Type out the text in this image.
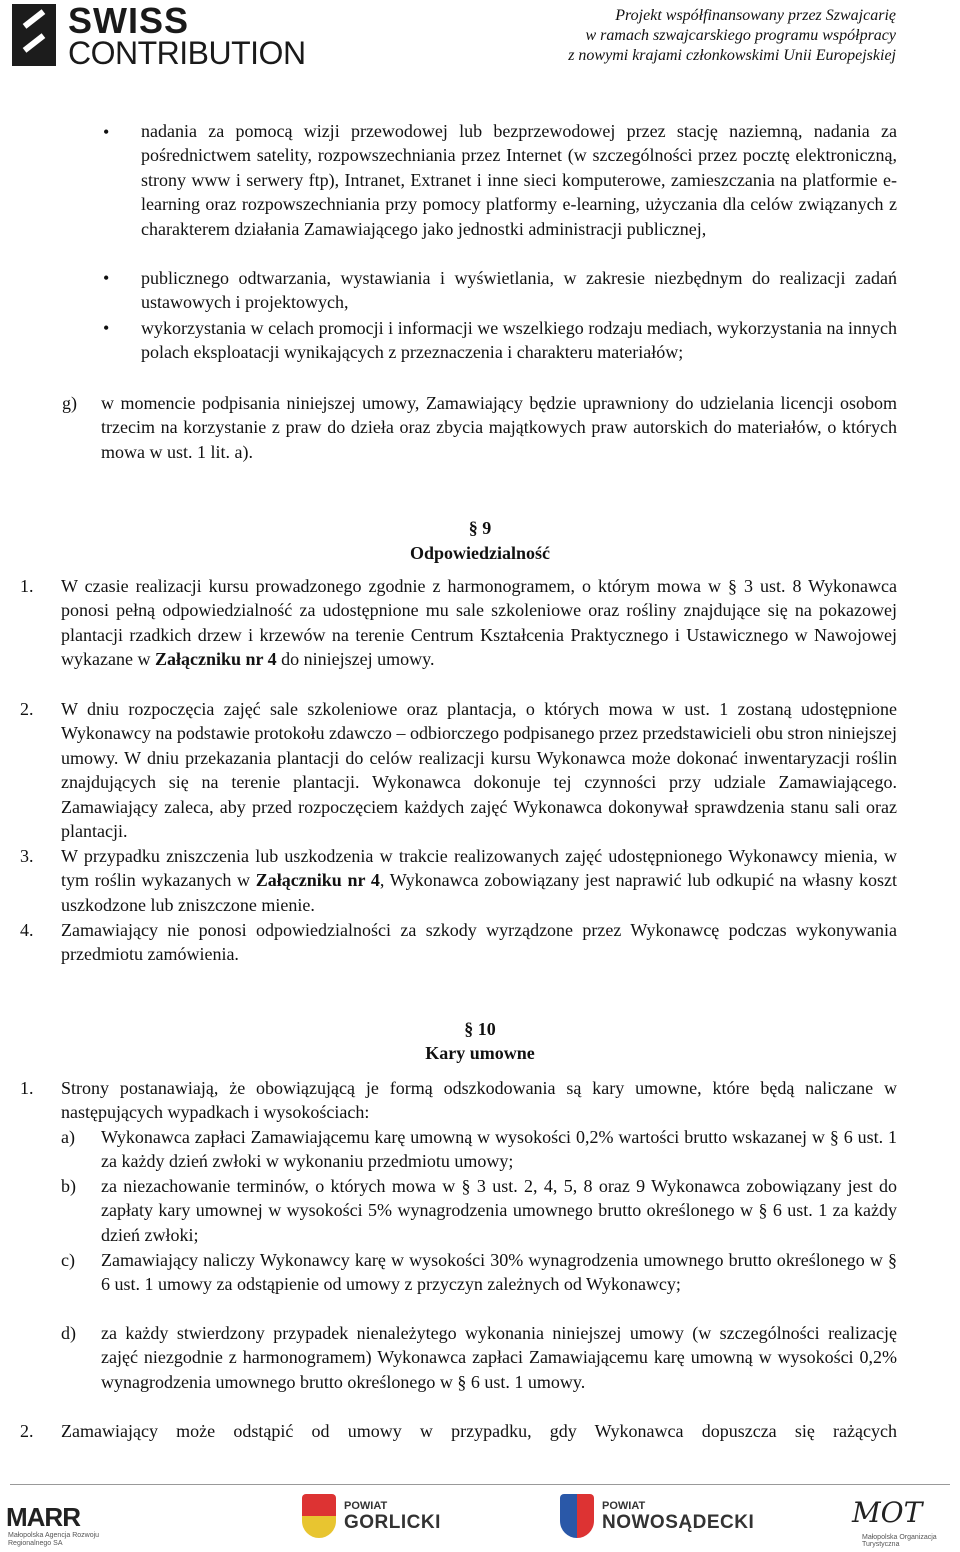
SWISS
CONTRIBUTION
Projekt współfinansowany przez Szwajcarię
w ramach szwajcarskiego programu współpracy
z nowymi krajami członkowskimi Unii Europejskiej
• nadania za pomocą wizji przewodowej lub bezprzewodowej przez stację naziemną, nadania za pośrednictwem satelity, rozpowszechniania przez Internet (w szczególności przez pocztę elektroniczną, strony www i serwery ftp), Intranet, Extranet i inne sieci komputerowe, zamieszczania na platformie e-learning oraz rozpowszechniania przy pomocy platformy e-learning, użyczania dla celów związanych z charakterem działania Zamawiającego jako jednostki administracji publicznej,
• publicznego odtwarzania, wystawiania i wyświetlania, w zakresie niezbędnym do realizacji zadań ustawowych i projektowych,
• wykorzystania w celach promocji i informacji we wszelkiego rodzaju mediach, wykorzystania na innych polach eksploatacji wynikających z przeznaczenia i charakteru materiałów;
g) w momencie podpisania niniejszej umowy, Zamawiający będzie uprawniony do udzielania licencji osobom trzecim na korzystanie z praw do dzieła oraz zbycia majątkowych praw autorskich do materiałów, o których mowa w ust. 1 lit. a).
§ 9
Odpowiedzialność
1. W czasie realizacji kursu prowadzonego zgodnie z harmonogramem, o którym mowa w § 3 ust. 8 Wykonawca ponosi pełną odpowiedzialność za udostępnione mu sale szkoleniowe oraz rośliny znajdujące się na pokazowej plantacji rzadkich drzew i krzewów na terenie Centrum Kształcenia Praktycznego i Ustawicznego w Nawojowej wykazane w Załączniku nr 4 do niniejszej umowy.
2. W dniu rozpoczęcia zajęć sale szkoleniowe oraz plantacja, o których mowa w ust. 1 zostaną udostępnione Wykonawcy na podstawie protokołu zdawczo – odbiorczego podpisanego przez przedstawicieli obu stron niniejszej umowy. W dniu przekazania plantacji do celów realizacji kursu Wykonawca może dokonać inwentaryzacji roślin znajdujących się na terenie plantacji. Wykonawca dokonuje tej czynności przy udziale Zamawiającego. Zamawiający zaleca, aby przed rozpoczęciem każdych zajęć Wykonawca dokonywał sprawdzenia stanu sali oraz plantacji.
3. W przypadku zniszczenia lub uszkodzenia w trakcie realizowanych zajęć udostępnionego Wykonawcy mienia, w tym roślin wykazanych w Załączniku nr 4, Wykonawca zobowiązany jest naprawić lub odkupić na własny koszt uszkodzone lub zniszczone mienie.
4. Zamawiający nie ponosi odpowiedzialności za szkody wyrządzone przez Wykonawcę podczas wykonywania przedmiotu zamówienia.
§ 10
Kary umowne
1. Strony postanawiają, że obowiązującą je formą odszkodowania są kary umowne, które będą naliczane w następujących wypadkach i wysokościach:
a) Wykonawca zapłaci Zamawiającemu karę umowną w wysokości 0,2% wartości brutto wskazanej w § 6 ust. 1 za każdy dzień zwłoki w wykonaniu przedmiotu umowy;
b) za niezachowanie terminów, o których mowa w § 3 ust. 2, 4, 5, 8 oraz 9 Wykonawca zobowiązany jest do zapłaty kary umownej w wysokości 5% wynagrodzenia umownego brutto określonego w § 6 ust. 1 za każdy dzień zwłoki;
c) Zamawiający naliczy Wykonawcy karę w wysokości 30% wynagrodzenia umownego brutto określonego w § 6 ust. 1 umowy za odstąpienie od umowy z przyczyn zależnych od Wykonawcy;
d) za każdy stwierdzony przypadek nienależytego wykonania niniejszej umowy (w szczególności realizację zajęć niezgodnie z harmonogramem) Wykonawca zapłaci Zamawiającemu karę umowną w wysokości 0,2% wynagrodzenia umownego brutto określonego w § 6 ust. 1 umowy.
2. Zamawiający może odstąpić od umowy w przypadku, gdy Wykonawca dopuszcza się rażących
MARR
Małopolska Agencja Rozwoju Regionalnego SA
POWIAT
GORLICKI
POWIAT
NOWOSĄDECKI	MOT
Małopolska Organizacja Turystyczna
